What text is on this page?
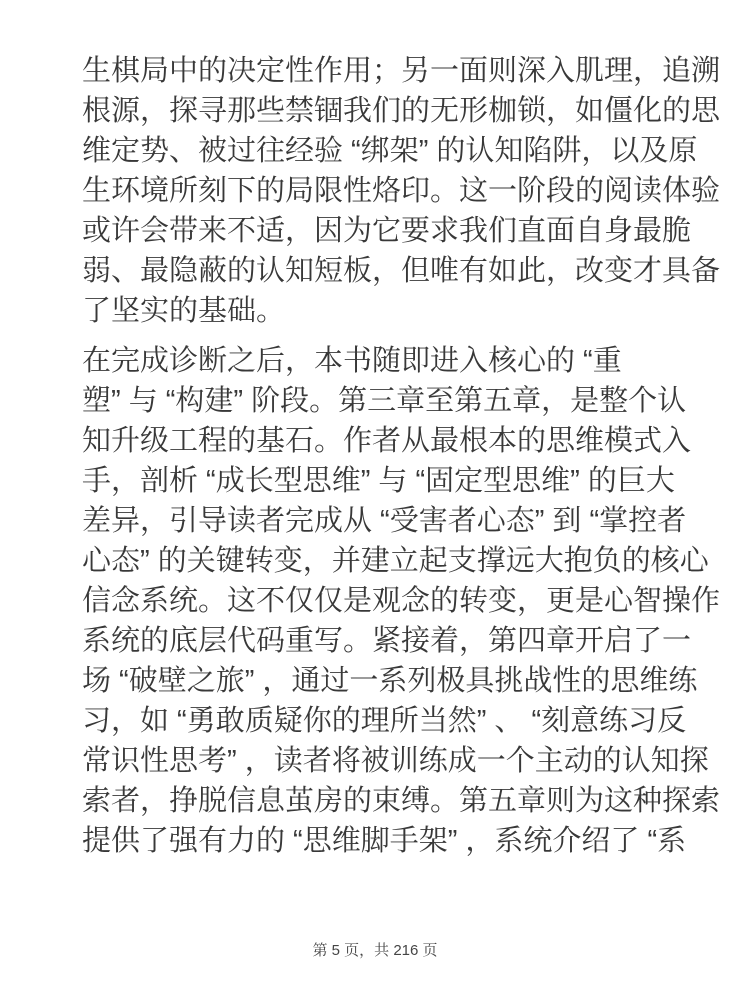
生棋局中的决定性作用；另一面则深入肌理，追溯
根源，探寻那些禁锢我们的无形枷锁，如僵化的思
维定势、被过往经验 “绑架” 的认知陷阱，以及原
生环境所刻下的局限性烙印。这一阶段的阅读体验
或许会带来不适，因为它要求我们直面自身最脆
弱、最隐蔽的认知短板，但唯有如此，改变才具备
了坚实的基础。
在完成诊断之后，本书随即进入核心的 “重
塑” 与 “构建” 阶段。第三章至第五章，是整个认
知升级工程的基石。作者从最根本的思维模式入
手，剖析 “成长型思维” 与 “固定型思维” 的巨大
差异，引导读者完成从 “受害者心态” 到 “掌控者
心态” 的关键转变，并建立起支撑远大抱负的核心
信念系统。这不仅仅是观念的转变，更是心智操作
系统的底层代码重写。紧接着，第四章开启了一
场 “破壁之旅” ，通过一系列极具挑战性的思维练
习，如 “勇敢质疑你的理所当然” 、 “刻意练习反
常识性思考” ，读者将被训练成一个主动的认知探
索者，挣脱信息茧房的束缚。第五章则为这种探索
提供了强有力的 “思维脚手架” ，系统介绍了 “系
第 5 页，共 216 页
